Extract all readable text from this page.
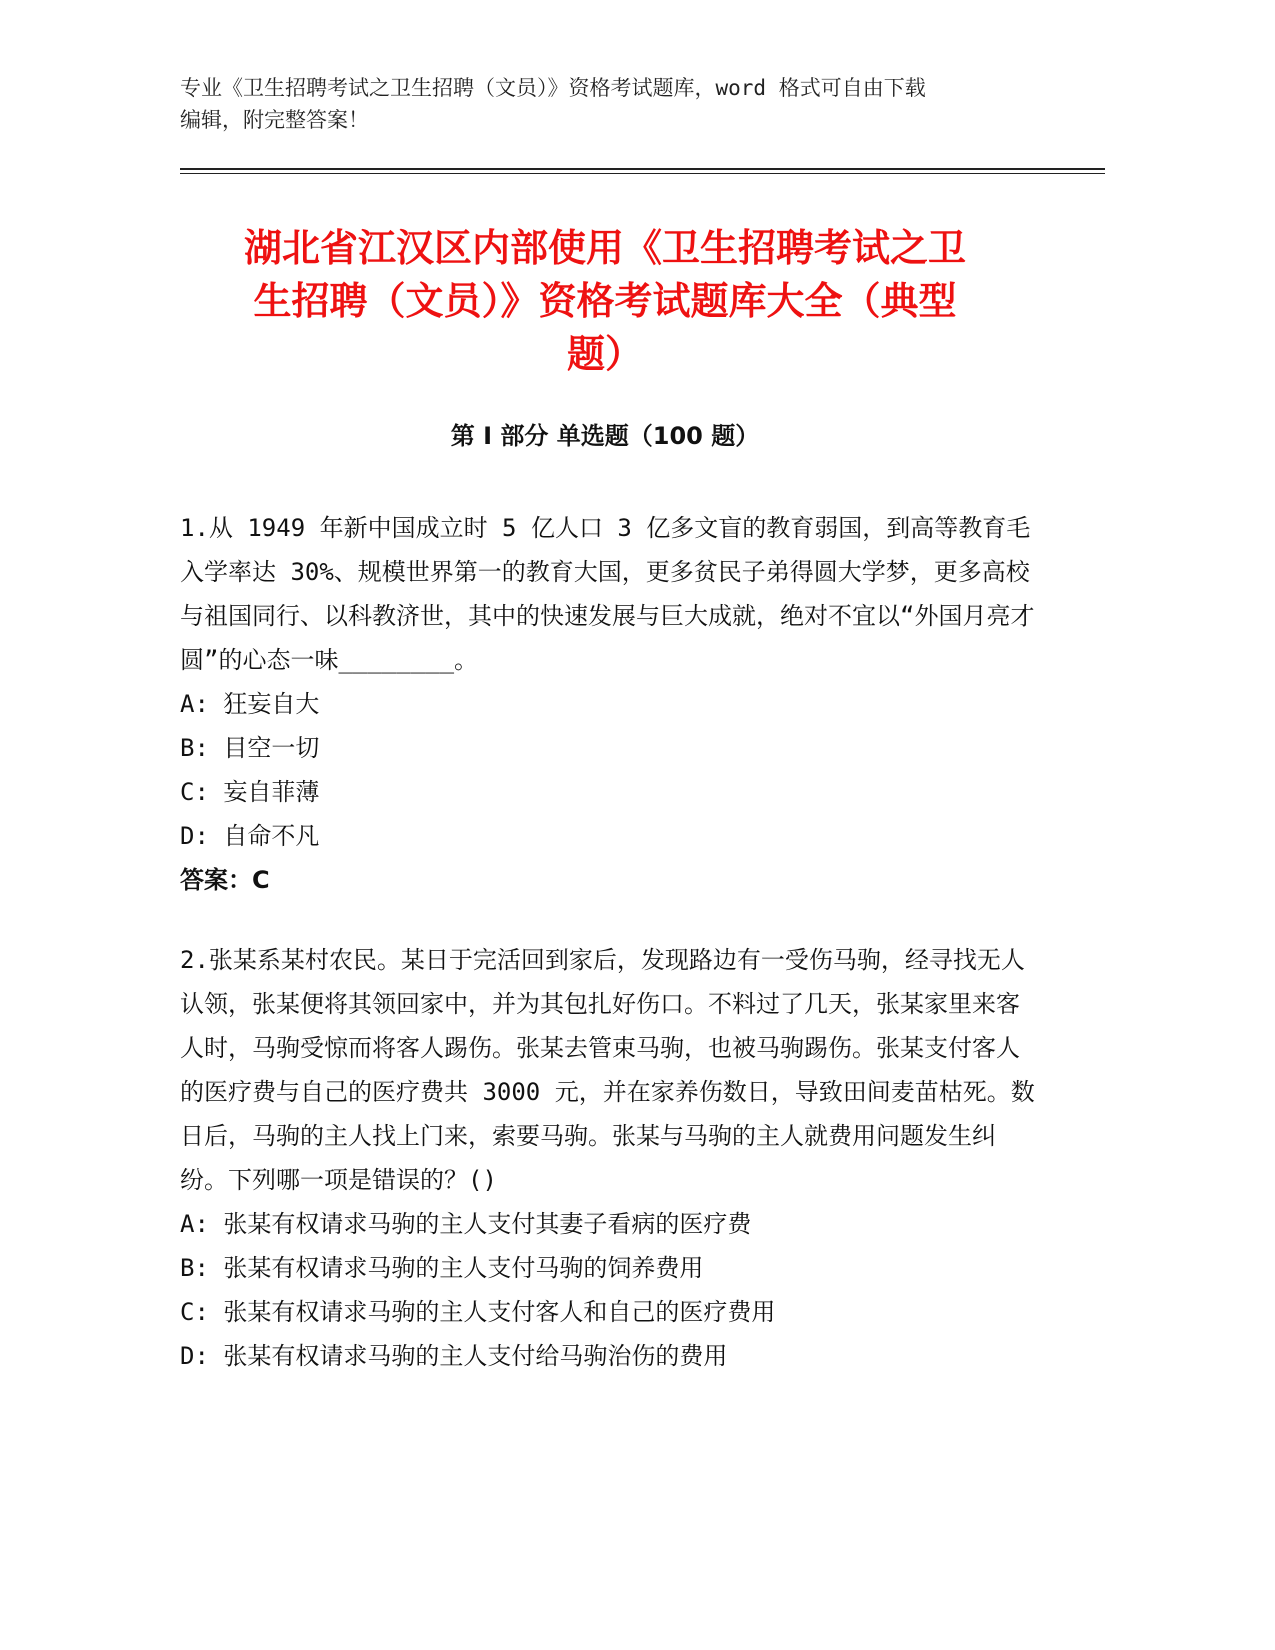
专业《卫生招聘考试之卫生招聘（文员）》资格考试题库，word 格式可自由下载
编辑，附完整答案！
湖北省江汉区内部使用《卫生招聘考试之卫
生招聘（文员）》资格考试题库大全（典型
题）
第 I 部分 单选题（100 题）

1.从 1949 年新中国成立时 5 亿人口 3 亿多文盲的教育弱国，到高等教育毛入学率达 30%、规模世界第一的教育大国，更多贫民子弟得圆大学梦，更多高校与祖国同行、以科教济世，其中的快速发展与巨大成就，绝对不宜以“外国月亮才圆”的心态一味________。

A: 狂妄自大

B: 目空一切

C: 妄自菲薄

D: 自命不凡

答案：C

2.张某系某村农民。某日于完活回到家后，发现路边有一受伤马驹，经寻找无人认领，张某便将其领回家中，并为其包扎好伤口。不料过了几天，张某家里来客人时，马驹受惊而将客人踢伤。张某去管束马驹，也被马驹踢伤。张某支付客人的医疗费与自己的医疗费共 3000 元，并在家养伤数日，导致田间麦苗枯死。数日后，马驹的主人找上门来，索要马驹。张某与马驹的主人就费用问题发生纠纷。下列哪一项是错误的？()

A: 张某有权请求马驹的主人支付其妻子看病的医疗费

B: 张某有权请求马驹的主人支付马驹的饲养费用

C: 张某有权请求马驹的主人支付客人和自己的医疗费用

D: 张某有权请求马驹的主人支付给马驹治伤的费用
